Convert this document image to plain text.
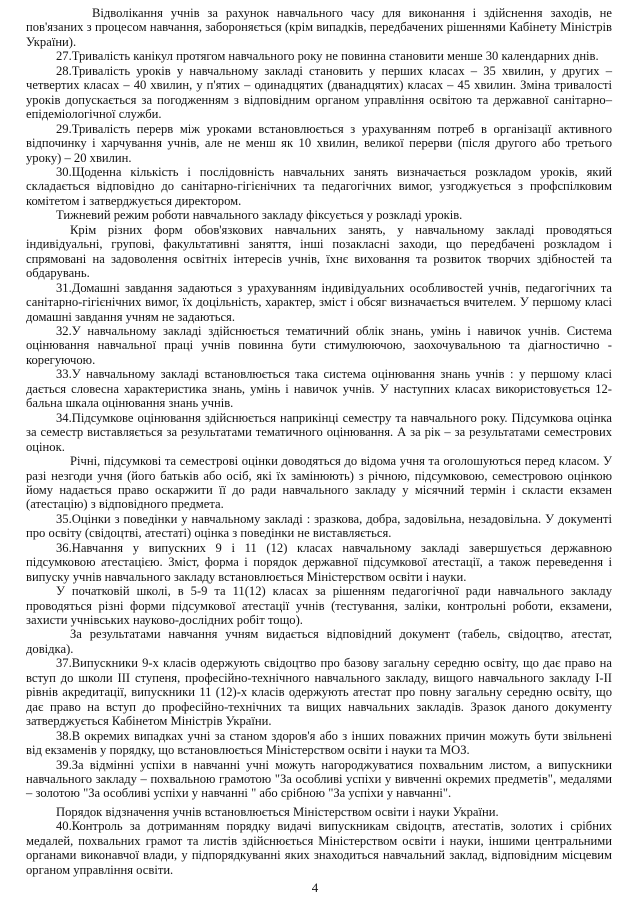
Відволікання учнів за рахунок навчального часу для виконання і здійснення заходів, не пов'язаних з процесом навчання, забороняється (крім випадків, передбачених рішеннями Кабінету Міністрів України).

27.Тривалість канікул протягом навчального року не повинна становити менше 30 календарних днів.

28.Тривалість уроків у навчальному закладі становить у перших класах – 35 хвилин, у других – четвертих класах – 40 хвилин, у п'ятих – одинадцятих (дванадцятих) класах – 45 хвилин. Зміна тривалості уроків допускається за погодженням з відповідним органом управління освітою та державної санітарно–епідеміологічної служби.

29.Тривалість перерв між уроками встановлюється з урахуванням потреб в організації активного відпочинку і харчування учнів, але не менш як 10 хвилин, великої перерви (після другого або третього уроку) – 20 хвилин.

30.Щоденна кількість і послідовність навчальних занять визначається розкладом уроків, який складається відповідно до санітарно-гігієнічних та педагогічних вимог, узгоджується з профспілковим комітетом і затверджується директором.

Тижневий режим роботи навчального закладу фіксується у розкладі уроків.

Крім різних форм обов'язкових навчальних занять, у навчальному закладі проводяться індивідуальні, групові, факультативні заняття, інші позакласні заходи, що передбачені розкладом і спрямовані на задоволення освітніх інтересів учнів, їхнє виховання та розвиток творчих здібностей та обдарувань.

31.Домашні завдання задаються з урахуванням індивідуальних особливостей учнів, педагогічних та санітарно-гігієнічних вимог, їх доцільність, характер, зміст і обсяг визначається вчителем. У першому класі домашні завдання учням не задаються.

32.У навчальному закладі здійснюється тематичний облік знань, умінь і навичок учнів. Система оцінювання навчальної праці учнів повинна бути стимулюючою, заохочувальною та діагностично - корегуючою.

33.У навчальному закладі встановлюється така система оцінювання знань учнів : у першому класі дається словесна характеристика знань, умінь і навичок учнів. У наступних класах використовується 12-бальна шкала оцінювання знань учнів.

34.Підсумкове оцінювання здійснюється наприкінці семестру та навчального року. Підсумкова оцінка за семестр виставляється за результатами тематичного оцінювання. А за рік – за результатами семестрових оцінок.

Річні, підсумкові та семестрові оцінки доводяться до відома учня та оголошуються перед класом. У разі незгоди учня (його батьків або осіб, які їх замінюють) з річною, підсумковою, семестровою оцінкою йому надається право оскаржити її до ради навчального закладу у місячний термін і скласти екзамен (атестацію) з відповідного предмета.

35.Оцінки з поведінки у навчальному закладі : зразкова, добра, задовільна, незадовільна. У документі про освіту (свідоцтві, атестаті) оцінка з поведінки не виставляється.

36.Навчання у випускних 9 і 11 (12) класах навчальному закладі завершується державною підсумковою атестацією. Зміст, форма і порядок державної підсумкової атестації, а також переведення і випуску учнів навчального закладу встановлюється Міністерством освіти і науки.

У початковій школі, в 5-9 та 11(12) класах за рішенням педагогічної ради навчального закладу проводяться різні форми підсумкової атестації учнів (тестування, заліки, контрольні роботи, екзамени, захисти учнівських науково-дослідних робіт тощо).

За результатами навчання учням видається відповідний документ (табель, свідоцтво, атестат, довідка).

37.Випускники 9-х класів одержують свідоцтво про базову загальну середню освіту, що дає право на вступ до школи ІІІ ступеня, професійно-технічного навчального закладу, вищого навчального закладу І-ІІ рівнів акредитації, випускники 11 (12)-х класів одержують атестат про повну загальну середню освіту, що дає право на вступ до професійно-технічних та вищих навчальних закладів. Зразок даного документу затверджується Кабінетом Міністрів України.

38.В окремих випадках учні за станом здоров'я або з інших поважних причин можуть бути звільнені від екзаменів у порядку, що встановлюється Міністерством освіти і науки та МОЗ.

39.За відмінні успіхи в навчанні учні можуть нагороджуватися похвальним листом, а випускники навчального закладу – похвальною грамотою "За особливі успіхи у вивченні окремих предметів", медалями – золотою "За особливі успіхи у навчанні " або срібною "За успіхи у навчанні".

Порядок відзначення учнів встановлюється Міністерством освіти і науки України.

40.Контроль за дотриманням порядку видачі випускникам свідоцтв, атестатів, золотих і срібних медалей, похвальних грамот та листів здійснюється Міністерством освіти і науки, іншими центральними органами виконавчої влади, у підпорядкуванні яких знаходиться навчальний заклад, відповідним місцевим органом управління освіти.

4
